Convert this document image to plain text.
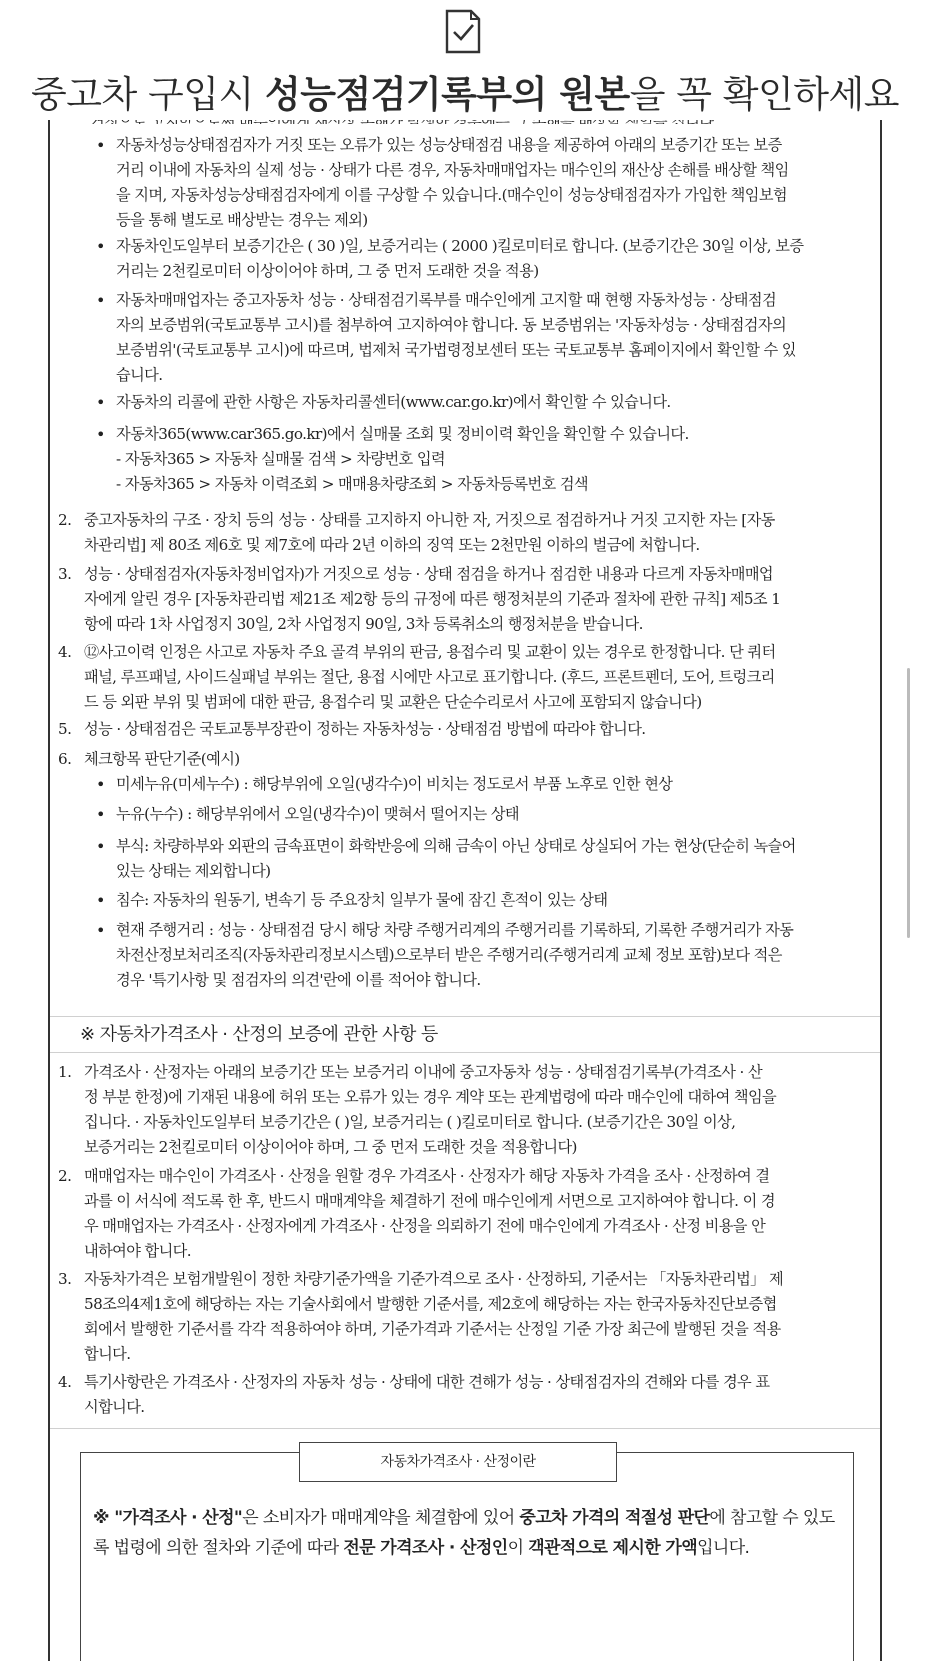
중고차 구입시 성능점검기록부의 원본을 꼭 확인하세요
• 자동차성능상태점검자가 거짓 또는 오류가 있는 성능상태점검 내용을 제공하여 아래의 보증기간 또는 보증
거리 이내에 자동차의 실제 성능 · 상태가 다른 경우, 자동차매매업자는 매수인의 재산상 손해를 배상할 책임
을 지며, 자동차성능상태점검자에게 이를 구상할 수 있습니다.(매수인이 성능상태점검자가 가입한 책임보험
등을 통해 별도로 배상받는 경우는 제외)
• 자동차인도일부터 보증기간은 ( 30 )일, 보증거리는 ( 2000 )킬로미터로 합니다. (보증기간은 30일 이상, 보증
거리는 2천킬로미터 이상이어야 하며, 그 중 먼저 도래한 것을 적용)
• 자동차매매업자는 중고자동차 성능 · 상태점검기록부를 매수인에게 고지할 때 현행 자동차성능 · 상태점검
자의 보증범위(국토교통부 고시)를 첨부하여 고지하여야 합니다. 동 보증범위는 '자동차성능 · 상태점검자의
보증범위'(국토교통부 고시)에 따르며, 법제처 국가법령정보센터 또는 국토교통부 홈페이지에서 확인할 수 있
습니다.
• 자동차의 리콜에 관한 사항은 자동차리콜센터(www.car.go.kr)에서 확인할 수 있습니다.
• 자동차365(www.car365.go.kr)에서 실매물 조회 및 정비이력 확인을 확인할 수 있습니다.
- 자동차365 > 자동차 실매물 검색 > 차량번호 입력
- 자동차365 > 자동차 이력조회 > 매매용차량조회 > 자동차등록번호 검색
2. 중고자동차의 구조 · 장치 등의 성능 · 상태를 고지하지 아니한 자, 거짓으로 점검하거나 거짓 고지한 자는 [자동
차관리법] 제 80조 제6호 및 제7호에 따라 2년 이하의 징역 또는 2천만원 이하의 벌금에 처합니다.
3. 성능 · 상태점검자(자동차정비업자)가 거짓으로 성능 · 상태 점검을 하거나 점검한 내용과 다르게 자동차매매업
자에게 알린 경우 [자동차관리법 제21조 제2항 등의 규정에 따른 행정처분의 기준과 절차에 관한 규칙] 제5조 1
항에 따라 1차 사업정지 30일, 2차 사업정지 90일, 3차 등록취소의 행정처분을 받습니다.
4. ⑫사고이력 인정은 사고로 자동차 주요 골격 부위의 판금, 용접수리 및 교환이 있는 경우로 한정합니다. 단 쿼터
패널, 루프패널, 사이드실패널 부위는 절단, 용접 시에만 사고로 표기합니다. (후드, 프론트펜더, 도어, 트렁크리
드 등 외판 부위 및 범퍼에 대한 판금, 용접수리 및 교환은 단순수리로서 사고에 포함되지 않습니다)
5. 성능 · 상태점검은 국토교통부장관이 정하는 자동차성능 · 상태점검 방법에 따라야 합니다.
6. 체크항목 판단기준(예시)
• 미세누유(미세누수) : 해당부위에 오일(냉각수)이 비치는 정도로서 부품 노후로 인한 현상
• 누유(누수) : 해당부위에서 오일(냉각수)이 맺혀서 떨어지는 상태
• 부식: 차량하부와 외판의 금속표면이 화학반응에 의해 금속이 아닌 상태로 상실되어 가는 현상(단순히 녹슬어
있는 상태는 제외합니다)
• 침수: 자동차의 원동기, 변속기 등 주요장치 일부가 물에 잠긴 흔적이 있는 상태
• 현재 주행거리 : 성능 · 상태점검 당시 해당 차량 주행거리계의 주행거리를 기록하되, 기록한 주행거리가 자동
차전산정보처리조직(자동차관리정보시스템)으로부터 받은 주행거리(주행거리계 교체 정보 포함)보다 적은
경우 '특기사항 및 점검자의 의견'란에 이를 적어야 합니다.
※ 자동차가격조사 · 산정의 보증에 관한 사항 등
1. 가격조사 · 산정자는 아래의 보증기간 또는 보증거리 이내에 중고자동차 성능 · 상태점검기록부(가격조사 · 산
정 부분 한정)에 기재된 내용에 허위 또는 오류가 있는 경우 계약 또는 관계법령에 따라 매수인에 대하여 책임을
집니다. · 자동차인도일부터 보증기간은 ( )일, 보증거리는 ( )킬로미터로 합니다. (보증기간은 30일 이상,
보증거리는 2천킬로미터 이상이어야 하며, 그 중 먼저 도래한 것을 적용합니다)
2. 매매업자는 매수인이 가격조사 · 산정을 원할 경우 가격조사 · 산정자가 해당 자동차 가격을 조사 · 산정하여 결
과를 이 서식에 적도록 한 후, 반드시 매매계약을 체결하기 전에 매수인에게 서면으로 고지하여야 합니다. 이 경
우 매매업자는 가격조사 · 산정자에게 가격조사 · 산정을 의뢰하기 전에 매수인에게 가격조사 · 산정 비용을 안
내하여야 합니다.
3. 자동차가격은 보험개발원이 정한 차량기준가액을 기준가격으로 조사 · 산정하되, 기준서는 「자동차관리법」 제
58조의4제1호에 해당하는 자는 기술사회에서 발행한 기준서를, 제2호에 해당하는 자는 한국자동차진단보증협
회에서 발행한 기준서를 각각 적용하여야 하며, 기준가격과 기준서는 산정일 기준 가장 최근에 발행된 것을 적용
합니다.
4. 특기사항란은 가격조사 · 산정자의 자동차 성능 · 상태에 대한 견해가 성능 · 상태점검자의 견해와 다를 경우 표
시합니다.
자동차가격조사 · 산정이란
※ "가격조사 · 산정"은 소비자가 매매계약을 체결함에 있어 중고차 가격의 적절성 판단에 참고할 수 있도록 법령에 의한 절차와 기준에 따라 전문 가격조사 · 산정인이 객관적으로 제시한 가액입니다.
